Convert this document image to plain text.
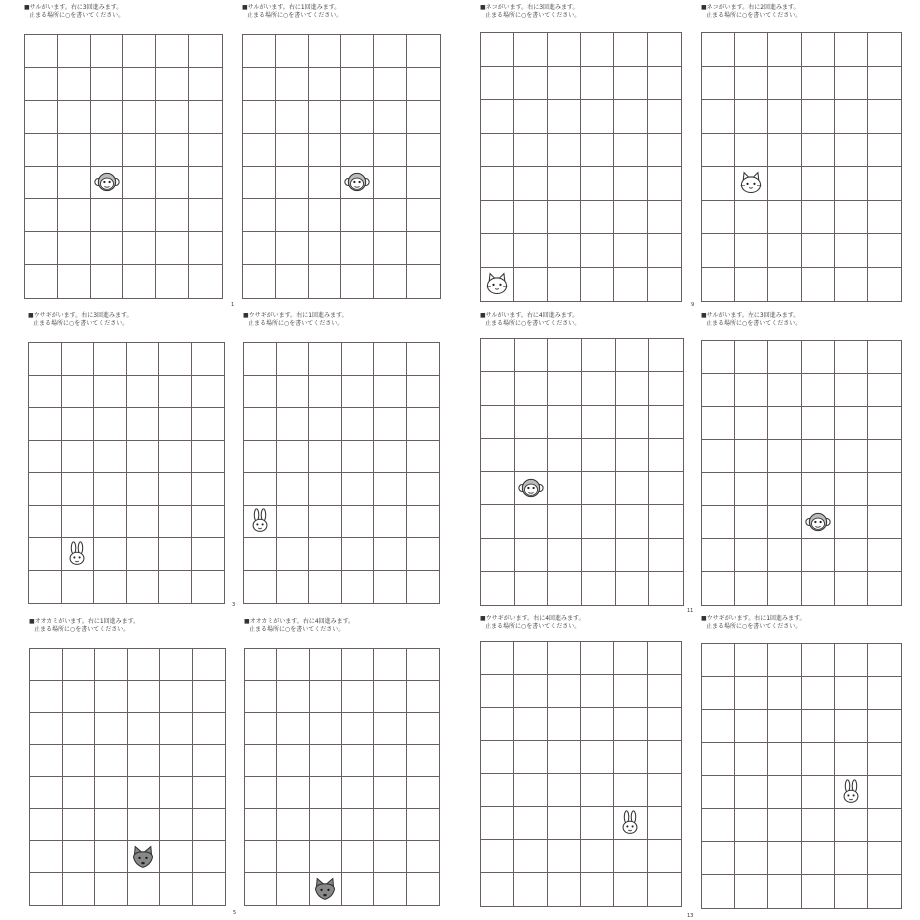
■サルがいます。右に3回進みます。

止まる場所に○を書いてください。
1
■サルがいます。右に1回進みます。

止まる場所に○を書いてください。
■ネコがいます。右に3回進みます。

止まる場所に○を書いてください。
■ネコがいます。右に2回進みます。

止まる場所に○を書いてください。
9
■ウサギがいます。右に3回進みます。

止まる場所に○を書いてください。
3
■ウサギがいます。右に1回進みます。

止まる場所に○を書いてください。
■サルがいます。右に4回進みます。

止まる場所に○を書いてください。
■サルがいます。左に3回進みます。

止まる場所に○を書いてください。
11
■オオカミがいます。右に1回進みます。

止まる場所に○を書いてください。
5
■オオカミがいます。右に4回進みます。

止まる場所に○を書いてください。
■ウサギがいます。右に4回進みます。

止まる場所に○を書いてください。
■ウサギがいます。右に1回進みます。

止まる場所に○を書いてください。
13
